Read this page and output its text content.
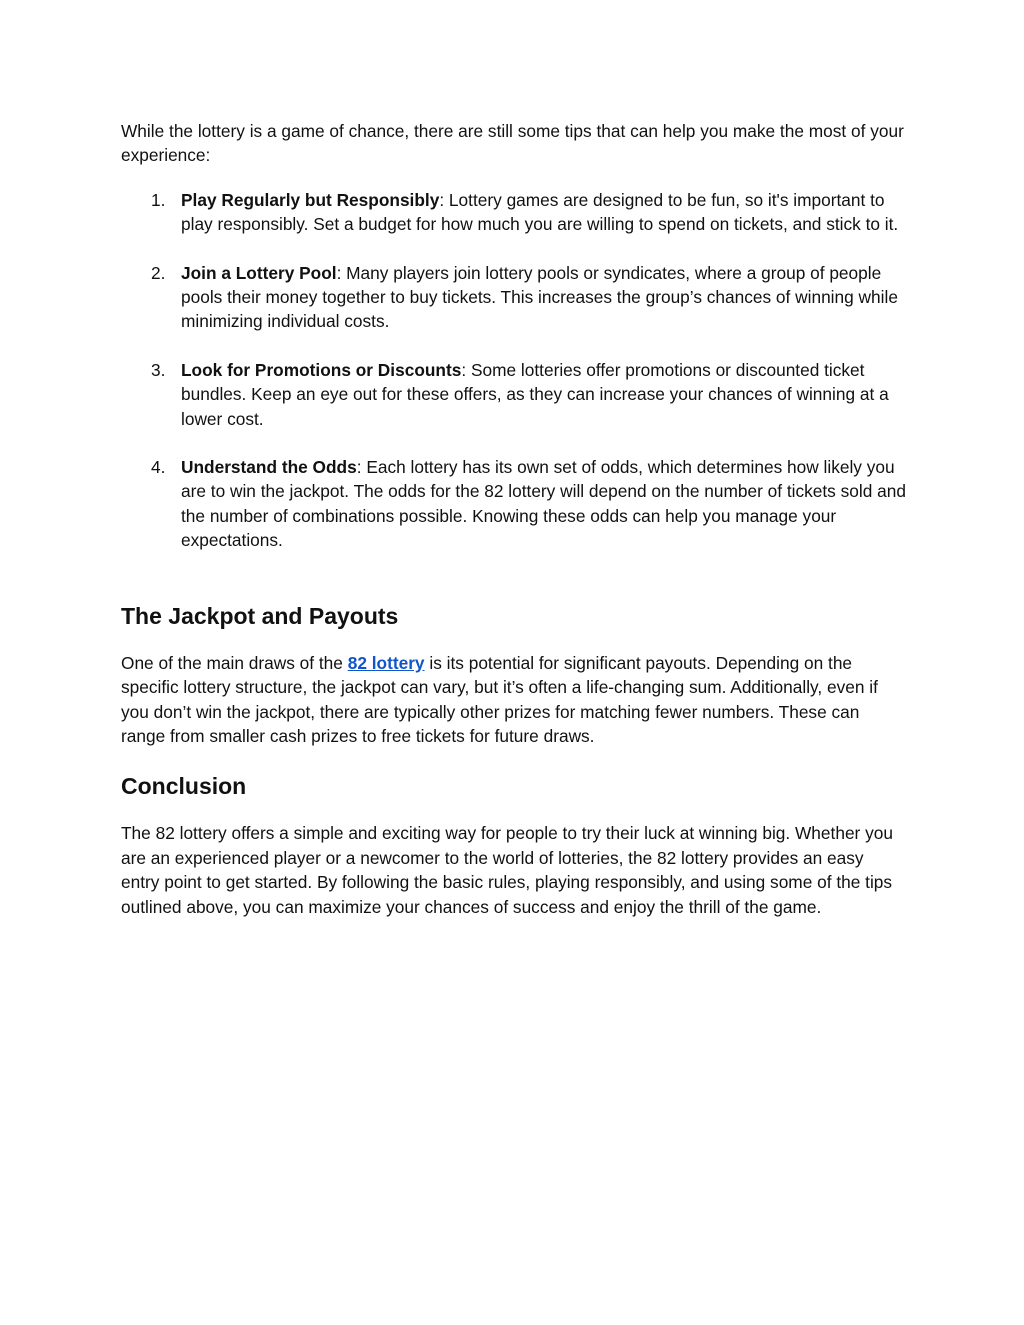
While the lottery is a game of chance, there are still some tips that can help you make the most of your experience:

1. Play Regularly but Responsibly: Lottery games are designed to be fun, so it's important to play responsibly. Set a budget for how much you are willing to spend on tickets, and stick to it.
2. Join a Lottery Pool: Many players join lottery pools or syndicates, where a group of people pools their money together to buy tickets. This increases the group’s chances of winning while minimizing individual costs.
3. Look for Promotions or Discounts: Some lotteries offer promotions or discounted ticket bundles. Keep an eye out for these offers, as they can increase your chances of winning at a lower cost.
4. Understand the Odds: Each lottery has its own set of odds, which determines how likely you are to win the jackpot. The odds for the 82 lottery will depend on the number of tickets sold and the number of combinations possible. Knowing these odds can help you manage your expectations.
The Jackpot and Payouts

One of the main draws of the 82 lottery is its potential for significant payouts. Depending on the specific lottery structure, the jackpot can vary, but it’s often a life-changing sum. Additionally, even if you don’t win the jackpot, there are typically other prizes for matching fewer numbers. These can range from smaller cash prizes to free tickets for future draws.

Conclusion

The 82 lottery offers a simple and exciting way for people to try their luck at winning big. Whether you are an experienced player or a newcomer to the world of lotteries, the 82 lottery provides an easy entry point to get started. By following the basic rules, playing responsibly, and using some of the tips outlined above, you can maximize your chances of success and enjoy the thrill of the game.
